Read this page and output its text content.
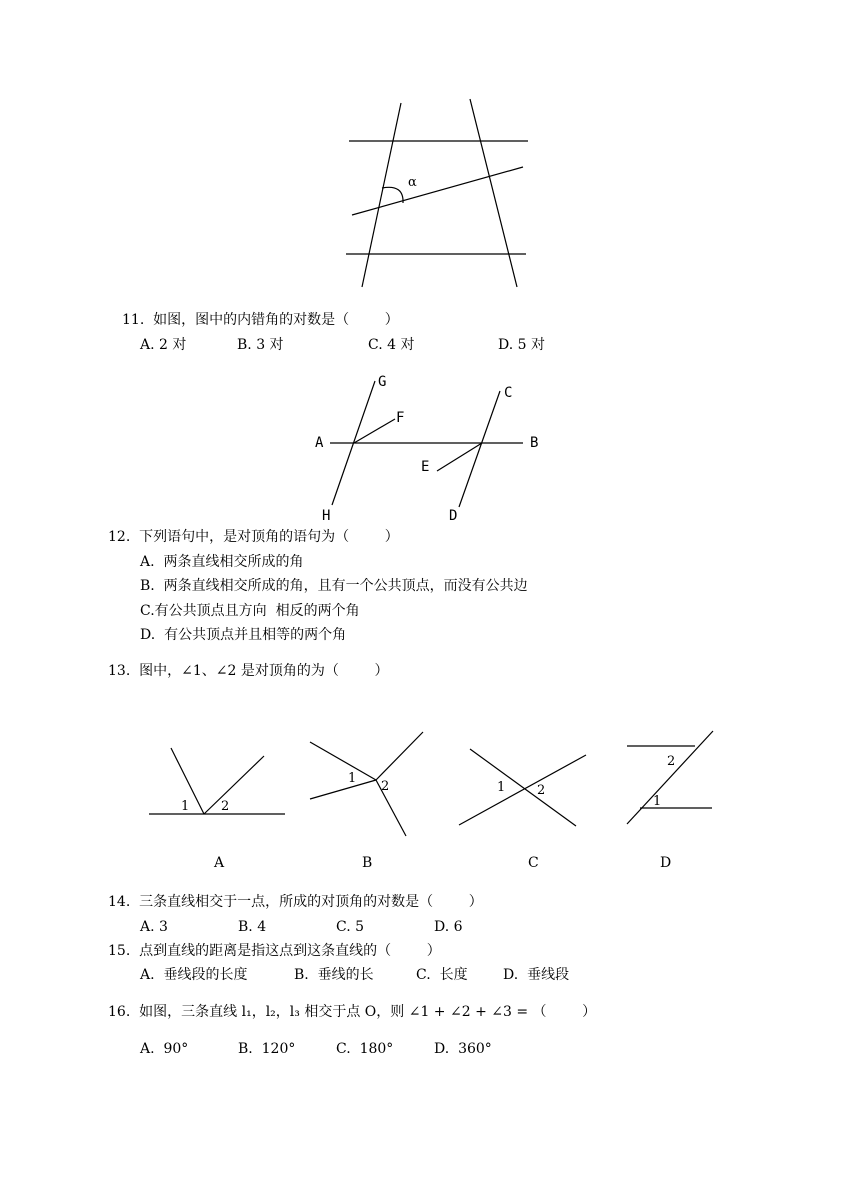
α
11.  如图，图中的内错角的对数是（        ）
A. 2 对	B. 3 对	C. 4 对	D. 5 对
G
F
A
H
C
B
E
D
12.  下列语句中，是对顶角的语句为（        ）
A.  两条直线相交所成的角
B.  两条直线相交所成的角，且有一个公共顶点，而没有公共边
C.有公共顶点且方向  相反的两个角
D.  有公共顶点并且相等的两个角
13.  图中，∠1、∠2 是对顶角的为（        ）
1 2
1
2	1 2
2
1
A	B	C	D
14.  三条直线相交于一点，所成的对顶角的对数是（        ）
A. 3	B. 4	C. 5	D. 6
15.  点到直线的距离是指这点到这条直线的（        ）
A.  垂线段的长度	B.  垂线的长	C.  长度	D.  垂线段
16.  如图，三条直线 l₁，l₂，l₃ 相交于点 O，则 ∠1 + ∠2 + ∠3 = （        ）
A.  90°	B.  120°	C.  180°	D.  360°
